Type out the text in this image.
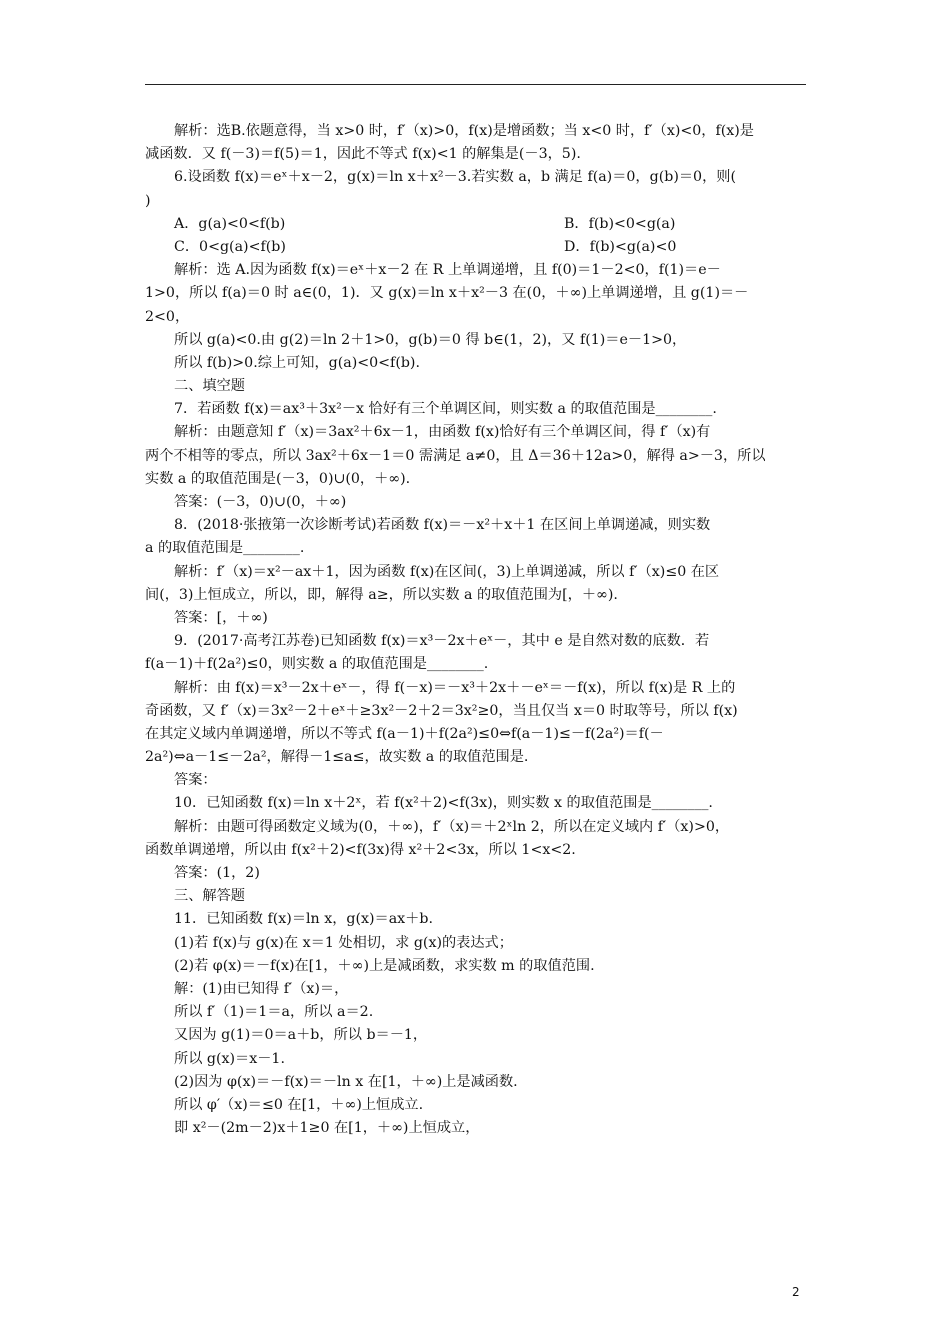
解析：选B.依题意得，当 x>0 时，f′（x)>0，f(x)是增函数；当 x<0 时，f′（x)<0，f(x)是
减函数．又 f(－3)＝f(5)＝1，因此不等式 f(x)<1 的解集是(－3，5).
6.设函数 f(x)＝eˣ＋x－2，g(x)＝ln x＋x²－3.若实数 a，b 满足 f(a)＝0，g(b)＝0，则(
)
A．g(a)<0<f(b)	B．f(b)<0<g(a)
C．0<g(a)<f(b)	D．f(b)<g(a)<0
解析：选 A.因为函数 f(x)＝eˣ＋x－2 在 R 上单调递增，且 f(0)＝1－2<0，f(1)＝e－
1>0，所以 f(a)＝0 时 a∈(0，1)．又 g(x)＝ln x＋x²－3 在(0，＋∞)上单调递增，且 g(1)＝－
2<0，
所以 g(a)<0.由 g(2)＝ln 2＋1>0，g(b)＝0 得 b∈(1，2)，又 f(1)＝e－1>0，
所以 f(b)>0.综上可知，g(a)<0<f(b).
二、填空题
7．若函数 f(x)＝ax³＋3x²－x 恰好有三个单调区间，则实数 a 的取值范围是________.
解析：由题意知 f′（x)＝3ax²＋6x－1，由函数 f(x)恰好有三个单调区间，得 f′（x)有
两个不相等的零点，所以 3ax²＋6x－1＝0 需满足 a≠0，且 Δ＝36＋12a>0，解得 a>－3，所以
实数 a 的取值范围是(－3，0)∪(0，＋∞).
答案：(－3，0)∪(0，＋∞)
8．(2018·张掖第一次诊断考试)若函数 f(x)＝－x²＋x＋1 在区间上单调递减，则实数
a 的取值范围是________.
解析：f′（x)＝x²－ax＋1，因为函数 f(x)在区间(，3)上单调递减，所以 f′（x)≤0 在区
间(，3)上恒成立，所以，即，解得 a≥，所以实数 a 的取值范围为[，＋∞).
答案：[，＋∞)
9．(2017·高考江苏卷)已知函数 f(x)＝x³－2x＋eˣ－，其中 e 是自然对数的底数．若
f(a－1)＋f(2a²)≤0，则实数 a 的取值范围是________.
解析：由 f(x)＝x³－2x＋eˣ－，得 f(－x)＝－x³＋2x＋－eˣ＝－f(x)，所以 f(x)是 R 上的
奇函数，又 f′（x)＝3x²－2＋eˣ＋≥3x²－2＋2＝3x²≥0，当且仅当 x＝0 时取等号，所以 f(x)
在其定义域内单调递增，所以不等式 f(a－1)＋f(2a²)≤0⇔f(a－1)≤－f(2a²)＝f(－
2a²)⇔a－1≤－2a²，解得－1≤a≤，故实数 a 的取值范围是.
答案：
10．已知函数 f(x)＝ln x＋2ˣ，若 f(x²＋2)<f(3x)，则实数 x 的取值范围是________.
解析：由题可得函数定义域为(0，＋∞)，f′（x)＝＋2ˣln 2，所以在定义域内 f′（x)>0，
函数单调递增，所以由 f(x²＋2)<f(3x)得 x²＋2<3x，所以 1<x<2.
答案：(1，2)
三、解答题
11．已知函数 f(x)＝ln x，g(x)＝ax＋b.
(1)若 f(x)与 g(x)在 x＝1 处相切，求 g(x)的表达式；
(2)若 φ(x)＝－f(x)在[1，＋∞)上是减函数，求实数 m 的取值范围.
解：(1)由已知得 f′（x)＝，
所以 f′（1)＝1＝a，所以 a＝2.
又因为 g(1)＝0＝a＋b，所以 b＝－1，
所以 g(x)＝x－1.
(2)因为 φ(x)＝－f(x)＝－ln x 在[1，＋∞)上是减函数.
所以 φ′（x)＝≤0 在[1，＋∞)上恒成立.
即 x²－(2m－2)x＋1≥0 在[1，＋∞)上恒成立，
2
